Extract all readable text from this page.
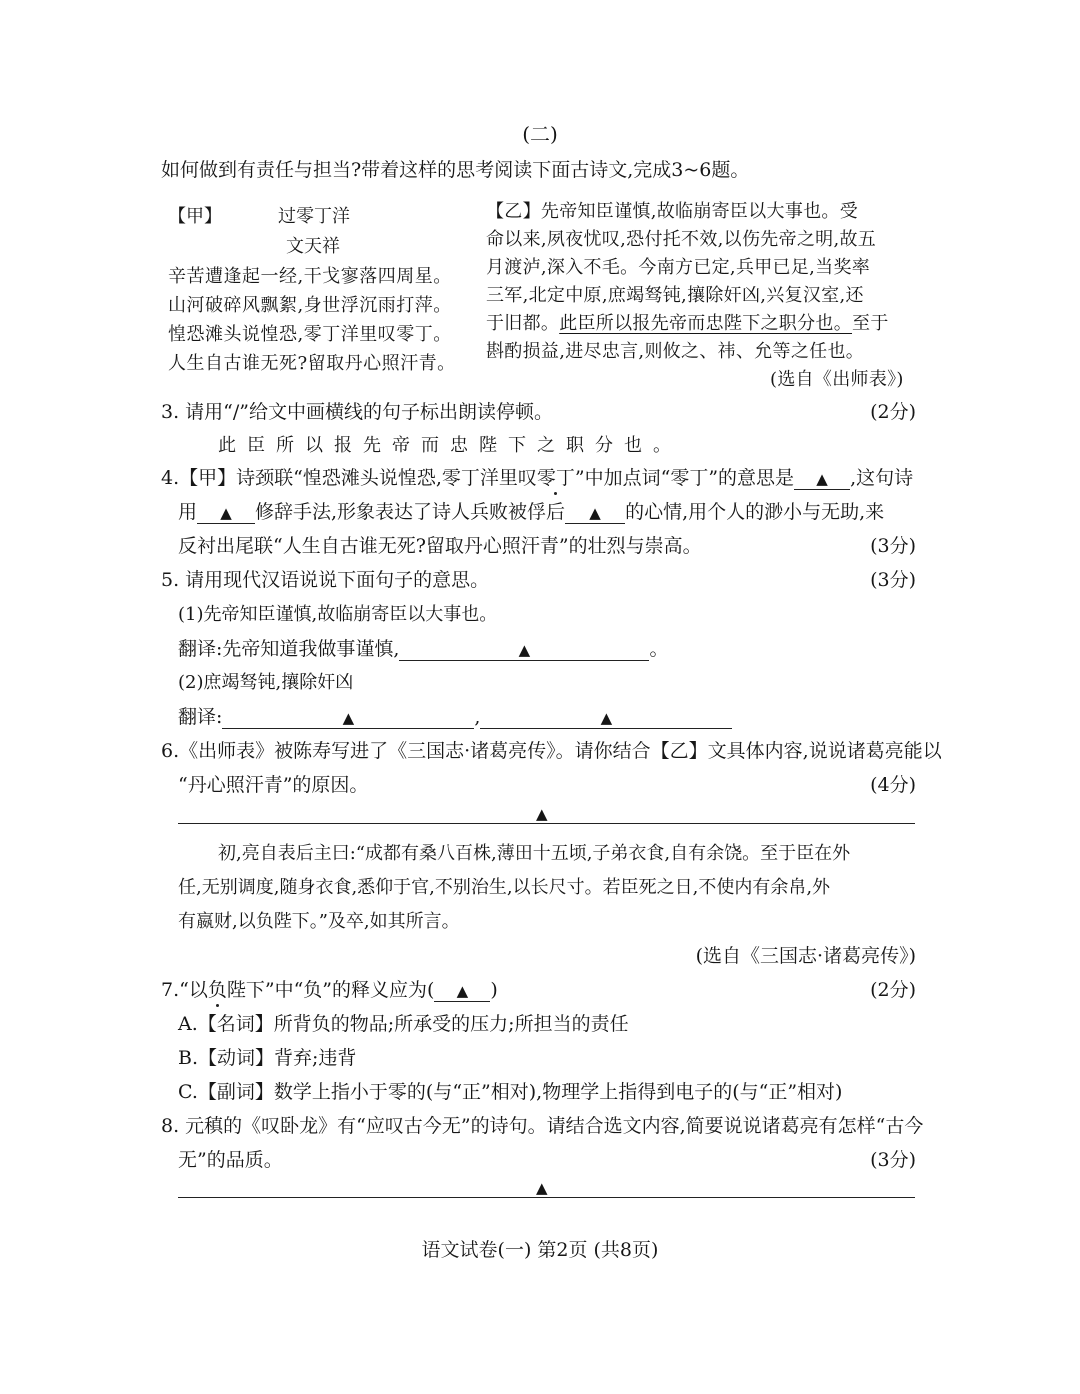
(二)
如何做到有责任与担当?带着这样的思考阅读下面古诗文,完成3~6题。
【甲】	过零丁洋
文天祥
辛苦遭逢起一经,干戈寥落四周星。
山河破碎风飘絮,身世浮沉雨打萍。
惶恐滩头说惶恐,零丁洋里叹零丁。
人生自古谁无死?留取丹心照汗青。
【乙】先帝知臣谨慎,故临崩寄臣以大事也。受
命以来,夙夜忧叹,恐付托不效,以伤先帝之明,故五
月渡泸,深入不毛。今南方已定,兵甲已足,当奖率
三军,北定中原,庶竭驽钝,攘除奸凶,兴复汉室,还
于旧都。此臣所以报先帝而忠陛下之职分也。至于
斟酌损益,进尽忠言,则攸之、祎、允等之任也。
(选自《出师表》)
3. 请用“/”给文中画横线的句子标出朗读停顿。	(2分)
此臣所以报先帝而忠陛下之职分也。
4.【甲】诗颈联“惶恐滩头说惶恐,零丁洋里叹零丁”中加点词“零丁”的意思是 ▲ ,这句诗
用 ▲ 修辞手法,形象表达了诗人兵败被俘后 ▲ 的心情,用个人的渺小与无助,来
反衬出尾联“人生自古谁无死?留取丹心照汗青”的壮烈与崇高。	(3分)
5. 请用现代汉语说说下面句子的意思。	(3分)
(1)先帝知臣谨慎,故临崩寄臣以大事也。
翻译:先帝知道我做事谨慎,	▲	。
(2)庶竭驽钝,攘除奸凶
翻译:	▲	,	▲
6.《出师表》被陈寿写进了《三国志·诸葛亮传》。请你结合【乙】文具体内容,说说诸葛亮能以
“丹心照汗青”的原因。	(4分)
▲
初,亮自表后主曰:“成都有桑八百株,薄田十五顷,子弟衣食,自有余饶。至于臣在外
任,无别调度,随身衣食,悉仰于官,不别治生,以长尺寸。若臣死之日,不使内有余帛,外
有嬴财,以负陛下。”及卒,如其所言。
(选自《三国志·诸葛亮传》)
7.“以负陛下”中“负”的释义应为( ▲ )	(2分)
A.【名词】所背负的物品;所承受的压力;所担当的责任
B.【动词】背弃;违背
C.【副词】数学上指小于零的(与“正”相对),物理学上指得到电子的(与“正”相对)
8. 元稹的《叹卧龙》有“应叹古今无”的诗句。请结合选文内容,简要说说诸葛亮有怎样“古今
无”的品质。	(3分)
▲
语文试卷(一) 第2页 (共8页)
